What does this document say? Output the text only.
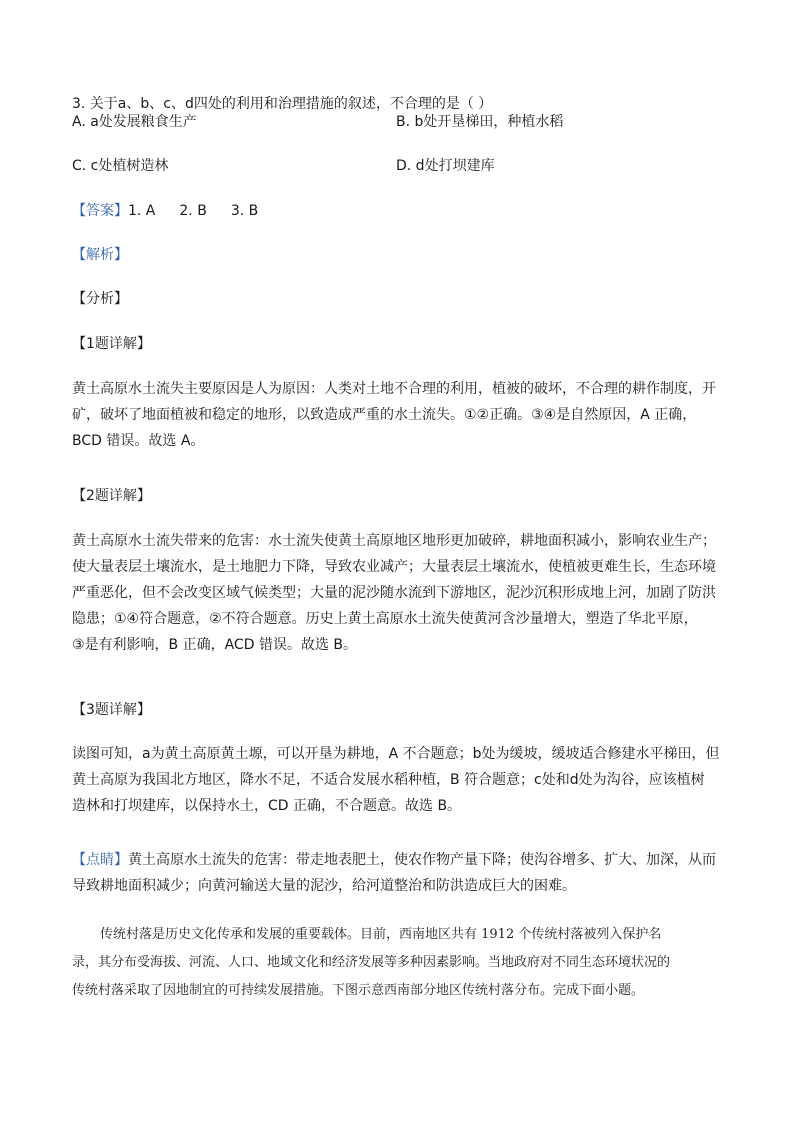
3. 关于a、b、c、d四处的利用和治理措施的叙述，不合理的是（ ）
A. a处发展粮食生产	B. b处开垦梯田，种植水稻
C. c处植树造林	D. d处打坝建库
【答案】1. A 2. B 3. B
【解析】
【分析】
【1题详解】
黄土高原水土流失主要原因是人为原因：人类对土地不合理的利用，植被的破坏，不合理的耕作制度，开
矿，破坏了地面植被和稳定的地形，以致造成严重的水土流失。①②正确。③④是自然原因，A 正确，
BCD 错误。故选 A。
【2题详解】
黄土高原水土流失带来的危害：水土流失使黄土高原地区地形更加破碎，耕地面积减小，影响农业生产；
使大量表层土壤流水，是土地肥力下降，导致农业减产；大量表层土壤流水，使植被更难生长，生态环境
严重恶化，但不会改变区域气候类型；大量的泥沙随水流到下游地区，泥沙沉积形成地上河，加剧了防洪
隐患；①④符合题意，②不符合题意。历史上黄土高原水土流失使黄河含沙量增大，塑造了华北平原，
③是有利影响，B 正确，ACD 错误。故选 B。
【3题详解】
读图可知，a为黄土高原黄土塬，可以开垦为耕地，A 不合题意；b处为缓坡，缓坡适合修建水平梯田，但
黄土高原为我国北方地区，降水不足，不适合发展水稻种植，B 符合题意；c处和d处为沟谷，应该植树
造林和打坝建库，以保持水土，CD 正确，不合题意。故选 B。
【点睛】黄土高原水土流失的危害：带走地表肥土，使农作物产量下降；使沟谷增多、扩大、加深，从而
导致耕地面积减少；向黄河输送大量的泥沙，给河道整治和防洪造成巨大的困难。
传统村落是历史文化传承和发展的重要载体。目前，西南地区共有 1912 个传统村落被列入保护名
录，其分布受海拔、河流、人口、地域文化和经济发展等多种因素影响。当地政府对不同生态环境状况的
传统村落采取了因地制宜的可持续发展措施。下图示意西南部分地区传统村落分布。完成下面小题。
